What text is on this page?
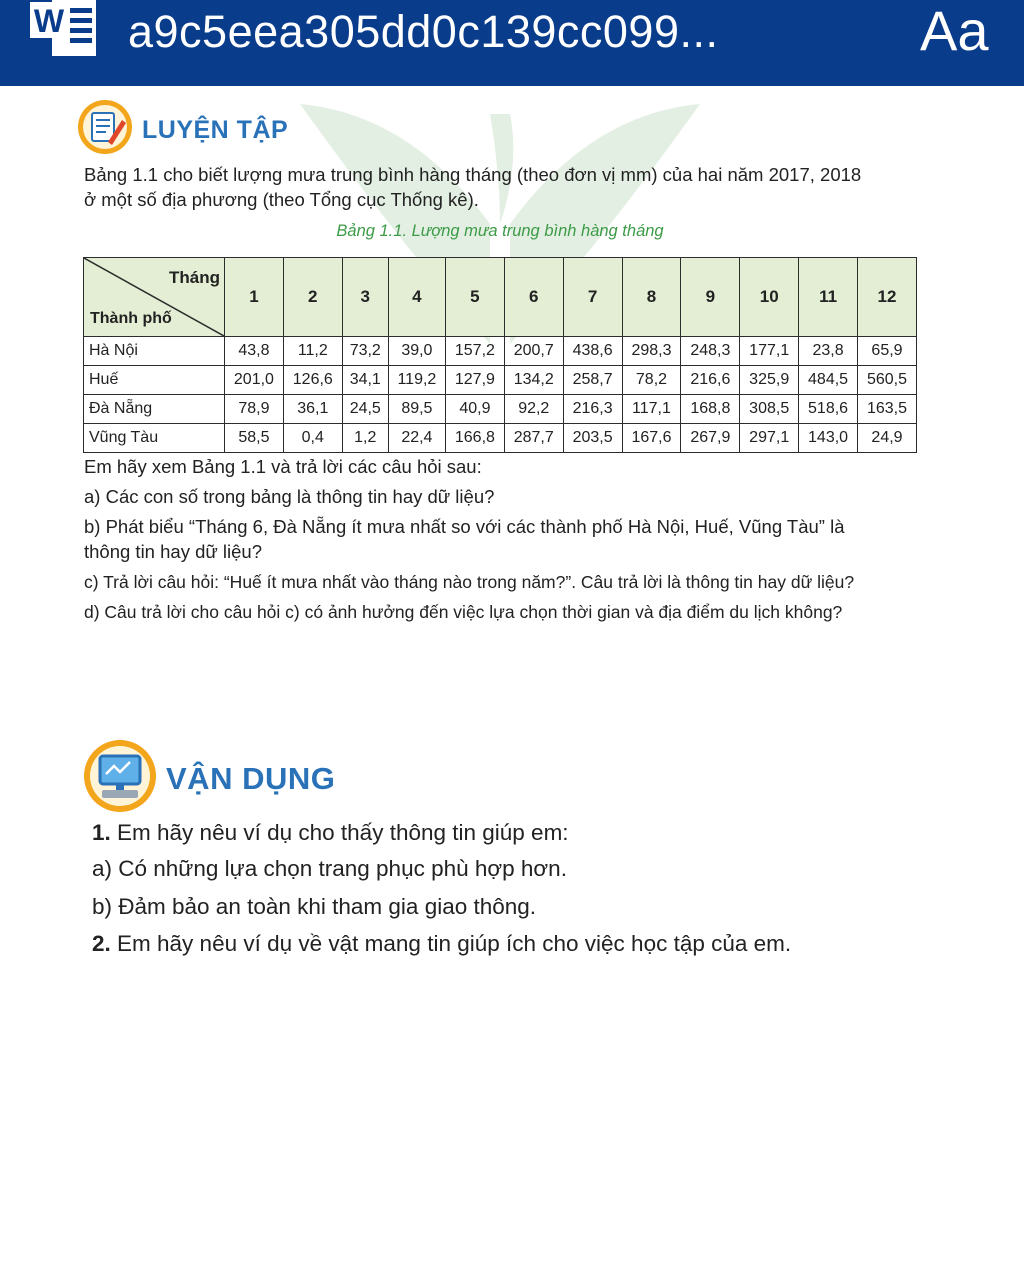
W a9c5eea305dd0c139cc099...	Aa
LUYỆN TẬP
Bảng 1.1 cho biết lượng mưa trung bình hàng tháng (theo đơn vị mm) của hai năm 2017, 2018
ở một số địa phương (theo Tổng cục Thống kê).
Bảng 1.1. Lượng mưa trung bình hàng tháng
Tháng
Thành phố	1	2	3	4	5	6	7	8	9	10	11	12
Hà Nội	43,8	11,2	73,2	39,0	157,2	200,7	438,6	298,3	248,3	177,1	23,8	65,9
Huế	201,0	126,6	34,1	119,2	127,9	134,2	258,7	78,2	216,6	325,9	484,5	560,5
Đà Nẵng	78,9	36,1	24,5	89,5	40,9	92,2	216,3	117,1	168,8	308,5	518,6	163,5
Vũng Tàu	58,5	0,4	1,2	22,4	166,8	287,7	203,5	167,6	267,9	297,1	143,0	24,9
Em hãy xem Bảng 1.1 và trả lời các câu hỏi sau:
a) Các con số trong bảng là thông tin hay dữ liệu?
b) Phát biểu “Tháng 6, Đà Nẵng ít mưa nhất so với các thành phố Hà Nội, Huế, Vũng Tàu” là
thông tin hay dữ liệu?
c) Trả lời câu hỏi: “Huế ít mưa nhất vào tháng nào trong năm?”. Câu trả lời là thông tin hay dữ liệu?
d) Câu trả lời cho câu hỏi c) có ảnh hưởng đến việc lựa chọn thời gian và địa điểm du lịch không?
VẬN DỤNG
1. Em hãy nêu ví dụ cho thấy thông tin giúp em:
a) Có những lựa chọn trang phục phù hợp hơn.
b) Đảm bảo an toàn khi tham gia giao thông.
2. Em hãy nêu ví dụ về vật mang tin giúp ích cho việc học tập của em.
